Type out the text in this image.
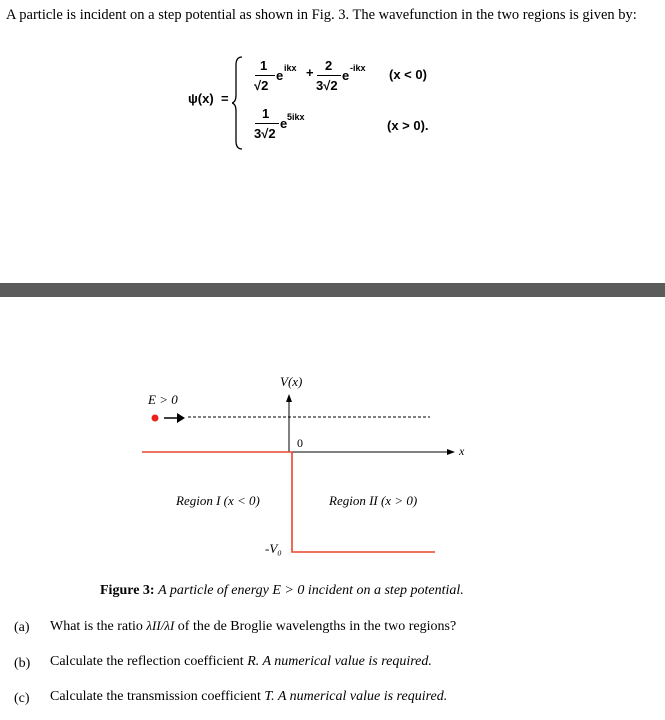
A particle is incident on a step potential as shown in Fig. 3. The wavefunction in the two regions is given by:
ψ(x) =
1
√2
e ikx + 2
3√2
e -ikx (x < 0)
1
3√2
e 5ikx
(x > 0).
E > 0
V(x)
0
x
Region I (x < 0)	Region II (x > 0)
-V₀
Figure 3: A particle of energy E > 0 incident on a step potential.
(a) What is the ratio λII/λI of the de Broglie wavelengths in the two regions?
(b) Calculate the reflection coefficient R. A numerical value is required.
(c) Calculate the transmission coefficient T. A numerical value is required.
